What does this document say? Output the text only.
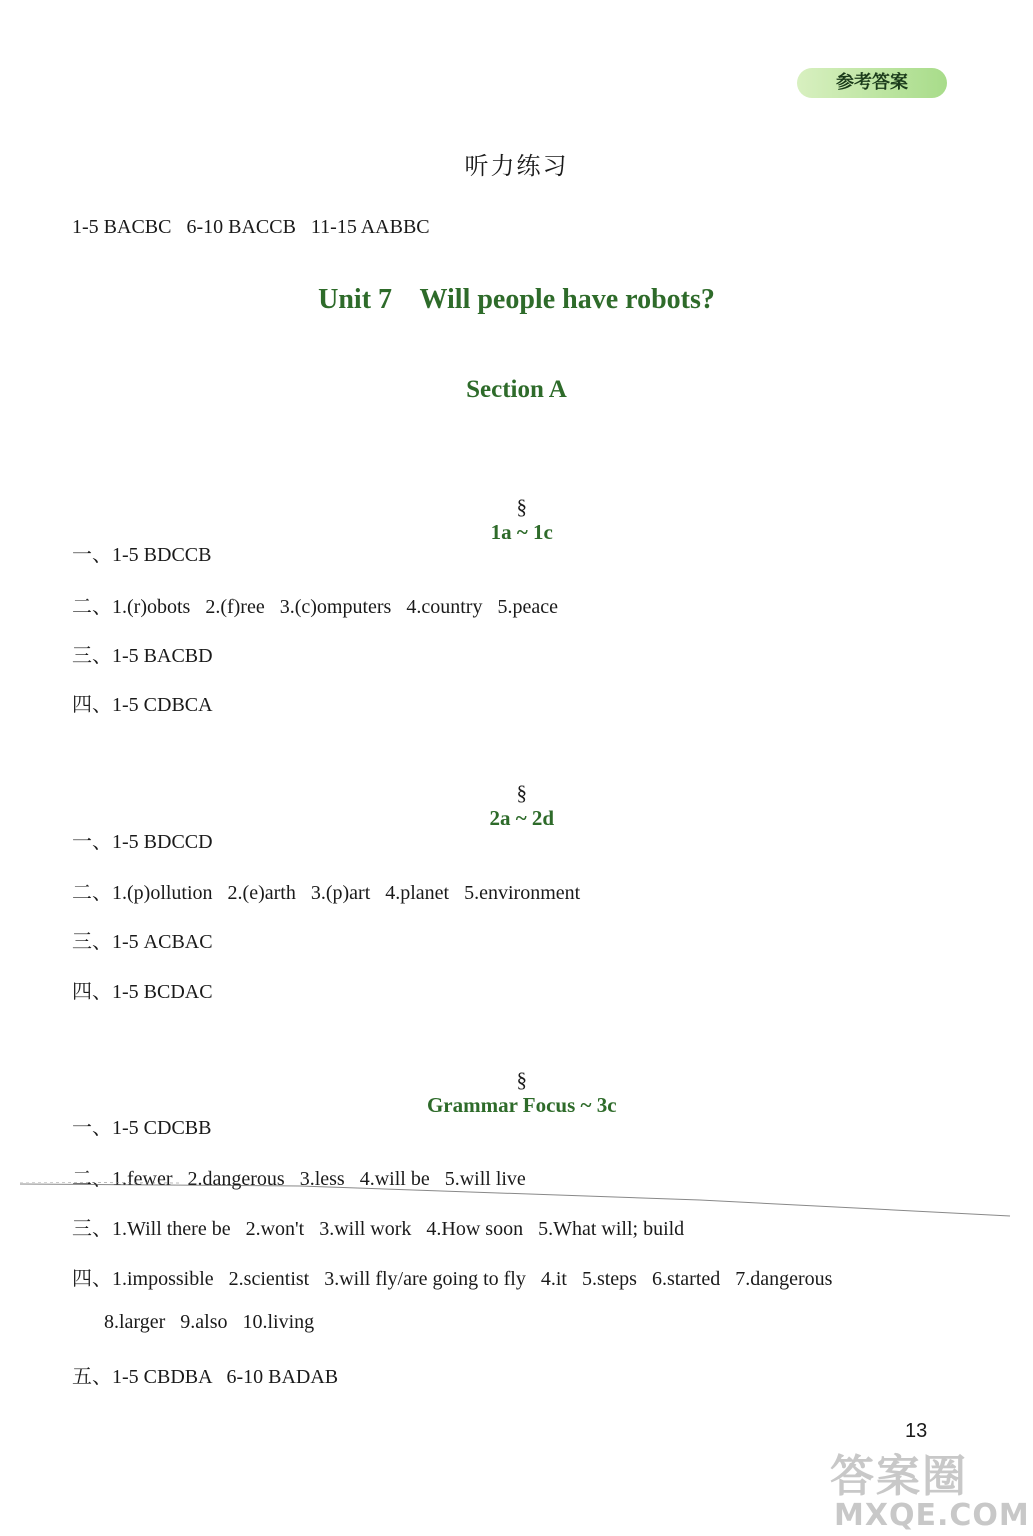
参考答案
听力练习
1-5 BACBC   6-10 BACCB   11-15 AABBC
Unit 7    Will people have robots?
Section A

§
1a ~ 1c

一、1-5 BDCCB
二、1.(r)obots   2.(f)ree   3.(c)omputers   4.country   5.peace
三、1-5 BACBD
四、1-5 CDBCA

§
2a ~ 2d

一、1-5 BDCCD
二、1.(p)ollution   2.(e)arth   3.(p)art   4.planet   5.environment
三、1-5 ACBAC
四、1-5 BCDAC

§
Grammar Focus ~ 3c

一、1-5 CDCBB
二、1.fewer   2.dangerous   3.less   4.will be   5.will live
三、1.Will there be   2.won't   3.will work   4.How soon   5.What will; build
四、1.impossible   2.scientist   3.will fly/are going to fly   4.it   5.steps   6.started   7.dangerous
8.larger   9.also   10.living
五、1-5 CBDBA   6-10 BADAB
13
答案圈
MXQE.COM
